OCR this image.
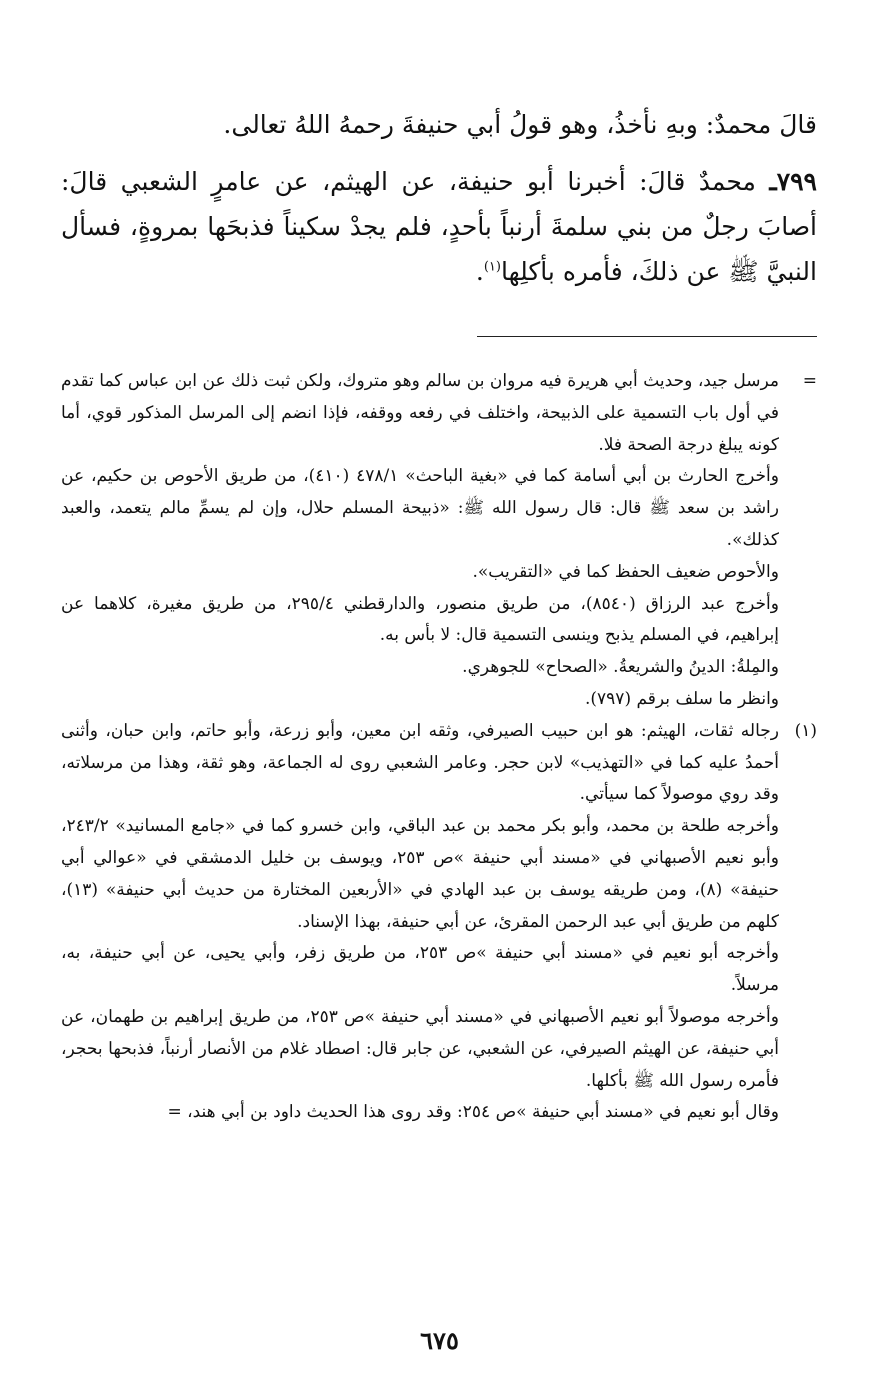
قالَ محمدٌ: وبهِ نأخذُ، وهو قولُ أبي حنيفةَ رحمهُ اللهُ تعالى.

٧٩٩ـ محمدٌ قالَ: أخبرنا أبو حنيفة، عن الهيثم، عن عامرٍ الشعبي قالَ: أصابَ رجلٌ من بني سلمةَ أرنباً بأحدٍ، فلم يجدْ سكيناً فذبحَها بمروةٍ، فسأل النبيَّ ﷺ عن ذلكَ، فأمره بأكلِها$^{(١)}$.

=

مرسل جيد، وحديث أبي هريرة فيه مروان بن سالم وهو متروك، ولكن ثبت ذلك عن ابن عباس كما تقدم في أول باب التسمية على الذبيحة، واختلف في رفعه ووقفه، فإذا انضم إلى المرسل المذكور قوي، أما كونه يبلغ درجة الصحة فلا.

وأخرج الحارث بن أبي أسامة كما في «بغية الباحث» ٤٧٨/١ (٤١٠)، من طريق الأحوص بن حكيم، عن راشد بن سعد ﷺ قال: قال رسول الله ﷺ: «ذبيحة المسلم حلال، وإن لم يسمِّ مالم يتعمد، والعبد كذلك».

والأحوص ضعيف الحفظ كما في «التقريب».

وأخرج عبد الرزاق (٨٥٤٠)، من طريق منصور، والدارقطني ٢٩٥/٤، من طريق مغيرة، كلاهما عن إبراهيم، في المسلم يذبح وينسى التسمية قال: لا بأس به.

والمِلةُ: الدينُ والشريعةُ. «الصحاح» للجوهري.

وانظر ما سلف برقم (٧٩٧).

(١)

رجاله ثقات، الهيثم: هو ابن حبيب الصيرفي، وثقه ابن معين، وأبو زرعة، وأبو حاتم، وابن حبان، وأثنى أحمدُ عليه كما في «التهذيب» لابن حجر. وعامر الشعبي روى له الجماعة، وهو ثقة، وهذا من مرسلاته، وقد روي موصولاً كما سيأتي.

وأخرجه طلحة بن محمد، وأبو بكر محمد بن عبد الباقي، وابن خسرو كما في «جامع المسانيد» ٢٤٣/٢، وأبو نعيم الأصبهاني في «مسند أبي حنيفة »ص ٢٥٣، ويوسف بن خليل الدمشقي في «عوالي أبي حنيفة» (٨)، ومن طريقه يوسف بن عبد الهادي في «الأربعين المختارة من حديث أبي حنيفة» (١٣)، كلهم من طريق أبي عبد الرحمن المقرئ، عن أبي حنيفة، بهذا الإسناد.

وأخرجه أبو نعيم في «مسند أبي حنيفة »ص ٢٥٣، من طريق زفر، وأبي يحيى، عن أبي حنيفة، به، مرسلاً.

وأخرجه موصولاً أبو نعيم الأصبهاني في «مسند أبي حنيفة »ص ٢٥٣، من طريق إبراهيم بن طهمان، عن أبي حنيفة، عن الهيثم الصيرفي، عن الشعبي، عن جابر قال: اصطاد غلام من الأنصار أرنباً، فذبحها بحجر، فأمره رسول الله ﷺ بأكلها.

وقال أبو نعيم في «مسند أبي حنيفة »ص ٢٥٤: وقد روى هذا الحديث داود بن أبي هند، =

٦٧٥
